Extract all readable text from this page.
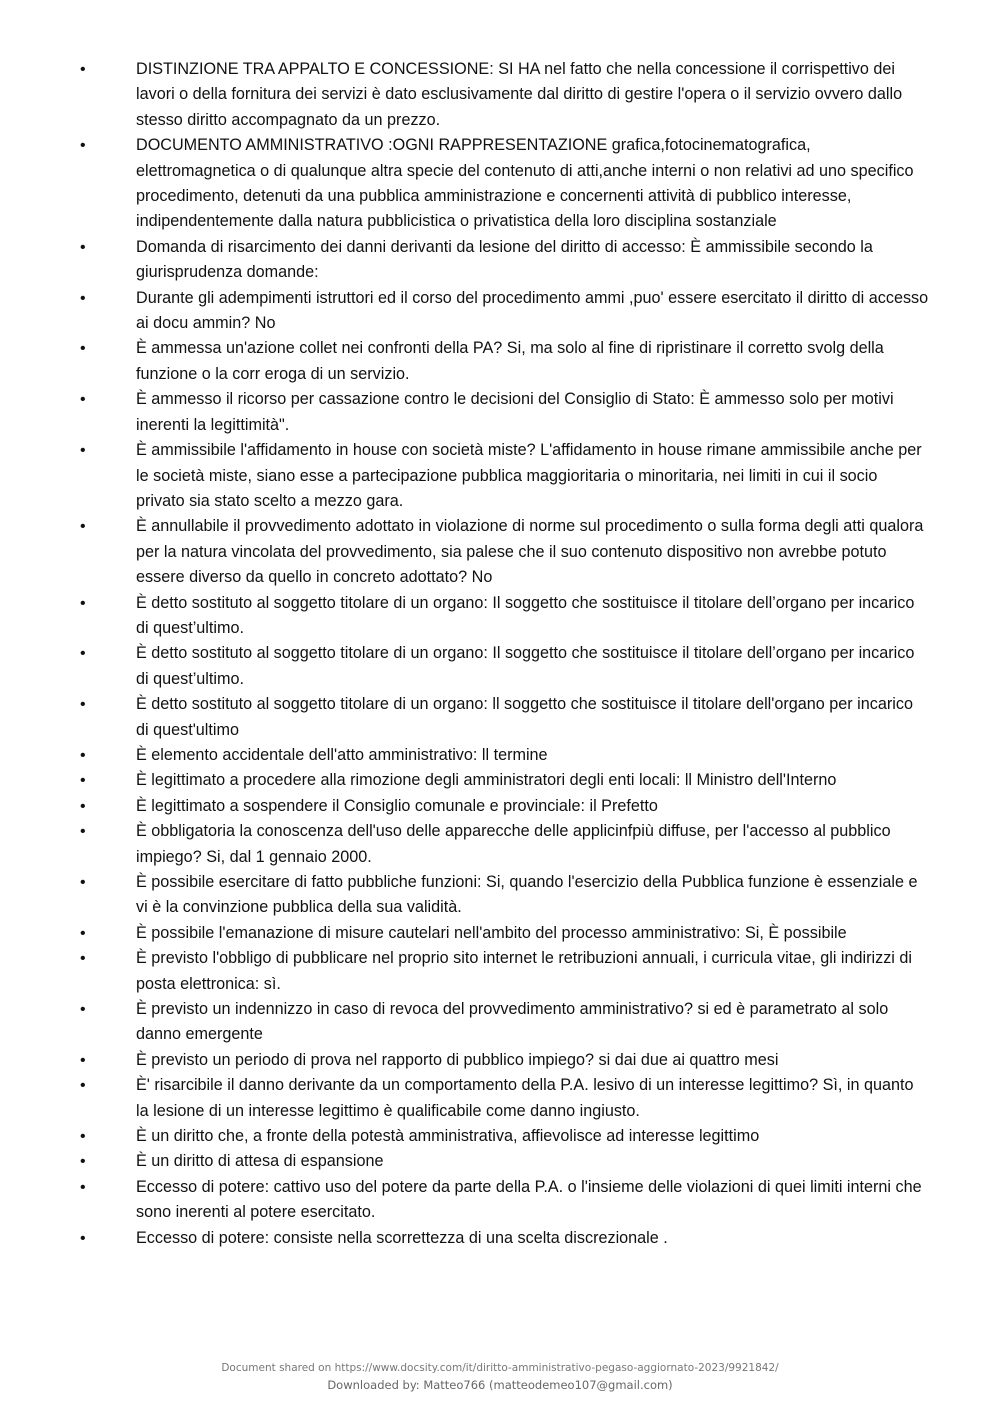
•	DISTINZIONE TRA APPALTO E CONCESSIONE: SI HA nel fatto che nella concessione il corrispettivo dei lavori o della fornitura dei servizi è dato esclusivamente dal diritto di gestire l'opera o il servizio ovvero dallo stesso diritto accompagnato da un prezzo.
•	DOCUMENTO AMMINISTRATIVO :OGNI RAPPRESENTAZIONE grafica,fotocinematografica, elettromagnetica o di qualunque altra specie del contenuto di atti,anche interni o non relativi ad uno specifico procedimento, detenuti da una pubblica amministrazione e concernenti attività di pubblico interesse, indipendentemente dalla natura pubblicistica o privatistica della loro disciplina sostanziale
•	Domanda di risarcimento dei danni derivanti da lesione del diritto di accesso: È ammissibile secondo la giurisprudenza domande:
•	Durante gli adempimenti istruttori ed il corso del procedimento ammi ,puo' essere esercitato il diritto di accesso ai docu ammin? No
•	È ammessa un'azione collet nei confronti della PA? Si, ma solo al fine di ripristinare il corretto svolg della funzione o la corr eroga di un servizio.
•	È ammesso il ricorso per cassazione contro le decisioni del Consiglio di Stato: È ammesso solo per motivi inerenti la legittimità".
•	È ammissibile l'affidamento in house con società miste? L'affidamento in house rimane ammissibile anche per le società miste, siano esse a partecipazione pubblica maggioritaria o minoritaria, nei limiti in cui il socio privato sia stato scelto a mezzo gara.
•	È annullabile il provvedimento adottato in violazione di norme sul procedimento o sulla forma degli atti qualora per la natura vincolata del provvedimento, sia palese che il suo contenuto dispositivo non avrebbe potuto essere diverso da quello in concreto adottato? No
•	È detto sostituto al soggetto titolare di un organo: Il soggetto che sostituisce il titolare dell’organo per incarico di quest’ultimo.
•	È detto sostituto al soggetto titolare di un organo: Il soggetto che sostituisce il titolare dell’organo per incarico di quest’ultimo.
•	È detto sostituto al soggetto titolare di un organo: ll soggetto che sostituisce il titolare dell'organo per incarico di quest'ultimo
•	È elemento accidentale dell'atto amministrativo: ll termine
•	È legittimato a procedere alla rimozione degli amministratori degli enti locali: ll Ministro dell'Interno
•	È legittimato a sospendere il Consiglio comunale e provinciale: il Prefetto
•	È obbligatoria la conoscenza dell'uso delle apparecche delle applicinfpiù diffuse, per l'accesso al pubblico impiego? Si, dal 1 gennaio 2000.
•	È possibile esercitare di fatto pubbliche funzioni: Si, quando l'esercizio della Pubblica funzione è essenziale e vi è la convinzione pubblica della sua validità.
•	È possibile l'emanazione di misure cautelari nell'ambito del processo amministrativo: Si, È possibile
•	È previsto l'obbligo di pubblicare nel proprio sito internet le retribuzioni annuali, i curricula vitae, gli indirizzi di posta elettronica: sì.
•	È previsto un indennizzo in caso di revoca del provvedimento amministrativo? si ed è parametrato al solo danno emergente
•	È previsto un periodo di prova nel rapporto di pubblico impiego? si dai due ai quattro mesi
•	È' risarcibile il danno derivante da un comportamento della P.A. lesivo di un interesse legittimo? Sì, in quanto la lesione di un interesse legittimo è qualificabile come danno ingiusto.
•	È un diritto che, a fronte della potestà amministrativa, affievolisce ad interesse legittimo
•	È un diritto di attesa di espansione
•	Eccesso di potere: cattivo uso del potere da parte della P.A. o l'insieme delle violazioni di quei limiti interni che sono inerenti al potere esercitato.
•	Eccesso di potere: consiste nella scorrettezza di una scelta discrezionale .
Document shared on https://www.docsity.com/it/diritto-amministrativo-pegaso-aggiornato-2023/9921842/
Downloaded by: Matteo766 (matteodemeo107@gmail.com)
